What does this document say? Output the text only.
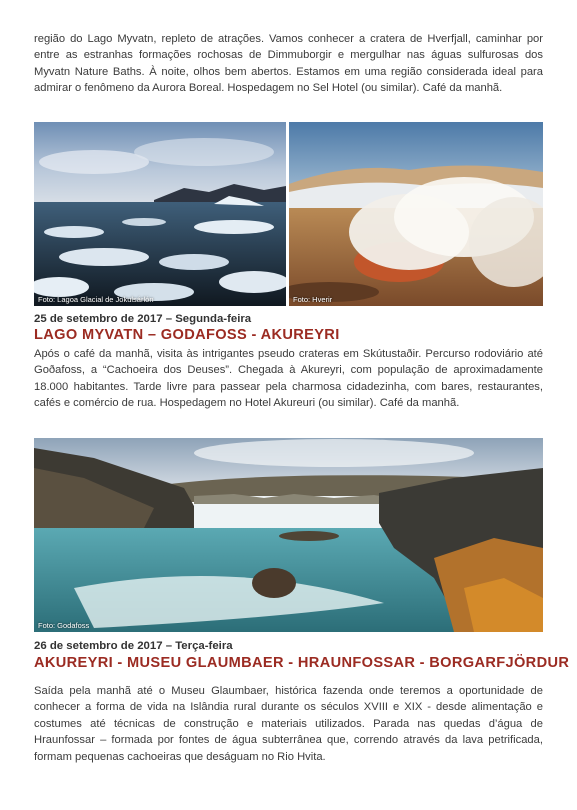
região do Lago Myvatn, repleto de atrações. Vamos conhecer a cratera de Hverfjall, caminhar por entre as estranhas formações rochosas de Dimmuborgir e mergulhar nas águas sulfurosas dos Myvatn Nature Baths. À noite, olhos bem abertos. Estamos em uma região considerada ideal para admirar o fenômeno da Aurora Boreal. Hospedagem no Sel Hotel (ou similar). Café da manhã.

Foto: Lagoa Glacial de Jokulsárlón	Foto: Hverir
25 de setembro de 2017 – Segunda-feira
LAGO MYVATN – GODAFOSS - AKUREYRI

Após o café da manhã, visita às intrigantes pseudo crateras em Skútustaðir. Percurso rodoviário até Goðafoss, a “Cachoeira dos Deuses”. Chegada à Akureyri, com população de aproximadamente 18.000 habitantes. Tarde livre para passear pela charmosa cidadezinha, com bares, restaurantes, cafés e comércio de rua. Hospedagem no Hotel Akureuri (ou similar). Café da manhã.

Foto: Godafoss
26 de setembro de 2017 – Terça-feira
AKUREYRI - MUSEU GLAUMBAER - HRAUNFOSSAR - BORGARFJÖRDUR

Saída pela manhã até o Museu Glaumbaer, histórica fazenda onde teremos a oportunidade de conhecer a forma de vida na Islândia rural durante os séculos XVIII e XIX - desde alimentação e costumes até técnicas de construção e materiais utilizados. Parada nas quedas d’água de Hraunfossar – formada por fontes de água subterrânea que, correndo através da lava petrificada, formam pequenas cachoeiras que deságuam no Rio Hvita.
